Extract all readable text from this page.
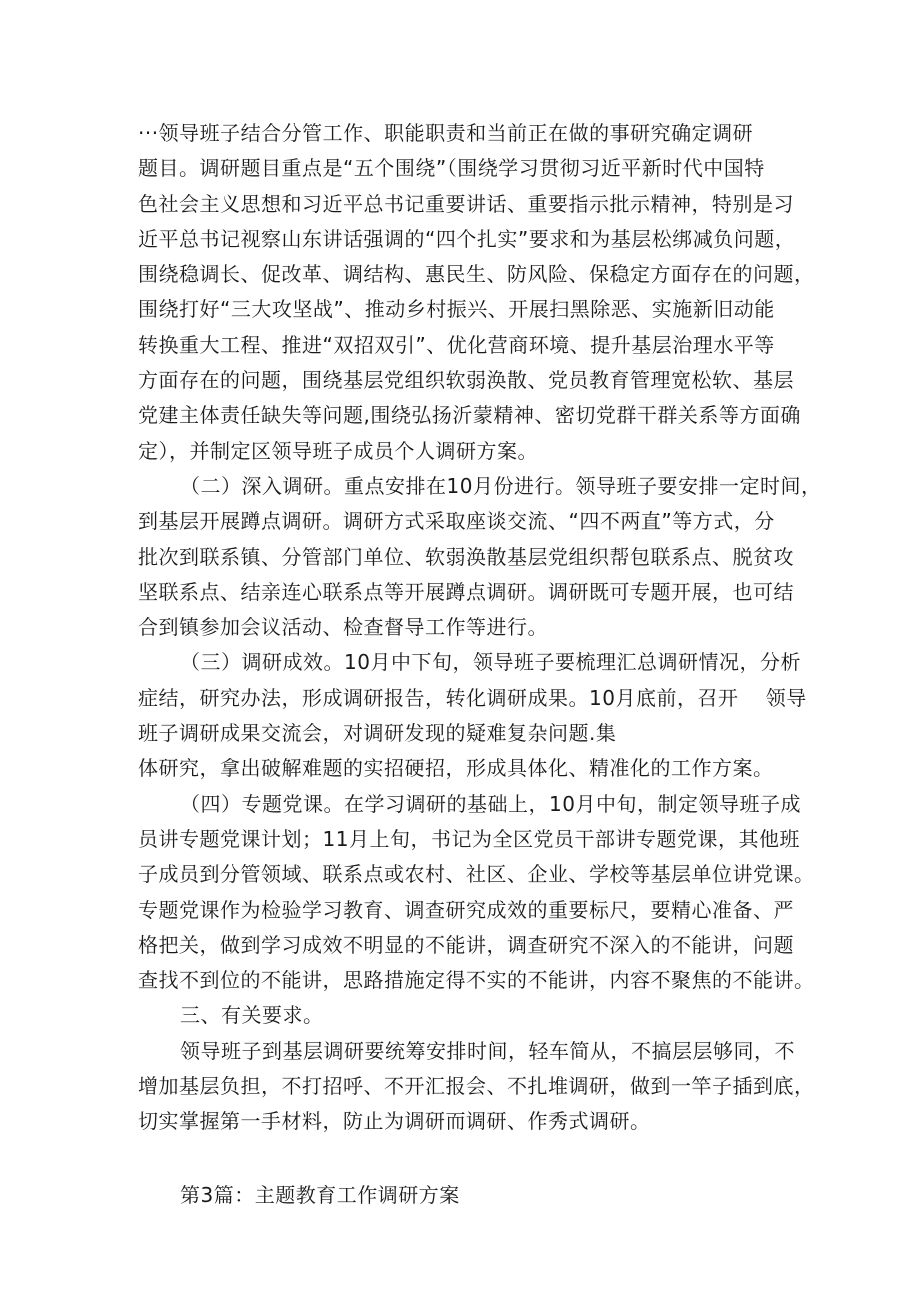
···领导班子结合分管工作、职能职责和当前正在做的事研究确定调研
题目。调研题目重点是“五个围绕”（围绕学习贯彻习近平新时代中国特
色社会主义思想和习近平总书记重要讲话、重要指示批示精神，特别是习
近平总书记视察山东讲话强调的“四个扎实”要求和为基层松绑减负问题，
围绕稳调长、促改革、调结构、惠民生、防风险、保稳定方面存在的问题，
围绕打好“三大攻坚战”、推动乡村振兴、开展扫黑除恶、实施新旧动能
转换重大工程、推进“双招双引”、优化营商环境、提升基层治理水平等
方面存在的问题，围绕基层党组织软弱涣散、党员教育管理宽松软、基层
党建主体责任缺失等问题,围绕弘扬沂蒙精神、密切党群干群关系等方面确
定），并制定区领导班子成员个人调研方案。

（二）深入调研。重点安排在10月份进行。领导班子要安排一定时间，
到基层开展蹲点调研。调研方式采取座谈交流、“四不两直”等方式，分
批次到联系镇、分管部门单位、软弱涣散基层党组织帮包联系点、脱贫攻
坚联系点、结亲连心联系点等开展蹲点调研。调研既可专题开展，也可结
合到镇参加会议活动、检查督导工作等进行。

（三）调研成效。10月中下旬，领导班子要梳理汇总调研情况，分析
症结，研究办法，形成调研报告，转化调研成果。10月底前，召开　 领导
班子调研成果交流会，对调研发现的疑难复杂问题.集
体研究，拿出破解难题的实招硬招，形成具体化、精准化的工作方案。

（四）专题党课。在学习调研的基础上，10月中旬，制定领导班子成
员讲专题党课计划；11月上旬，书记为全区党员干部讲专题党课，其他班
子成员到分管领域、联系点或农村、社区、企业、学校等基层单位讲党课。
专题党课作为检验学习教育、调查研究成效的重要标尺，要精心准备、严
格把关，做到学习成效不明显的不能讲，调查研究不深入的不能讲，问题
查找不到位的不能讲，思路措施定得不实的不能讲，内容不聚焦的不能讲。

三、有关要求。

领导班子到基层调研要统筹安排时间，轻车简从，不搞层层够同，不
增加基层负担，不打招呼、不开汇报会、不扎堆调研，做到一竿子插到底，
切实掌握第一手材料，防止为调研而调研、作秀式调研。

第3篇：主题教育工作调研方案
